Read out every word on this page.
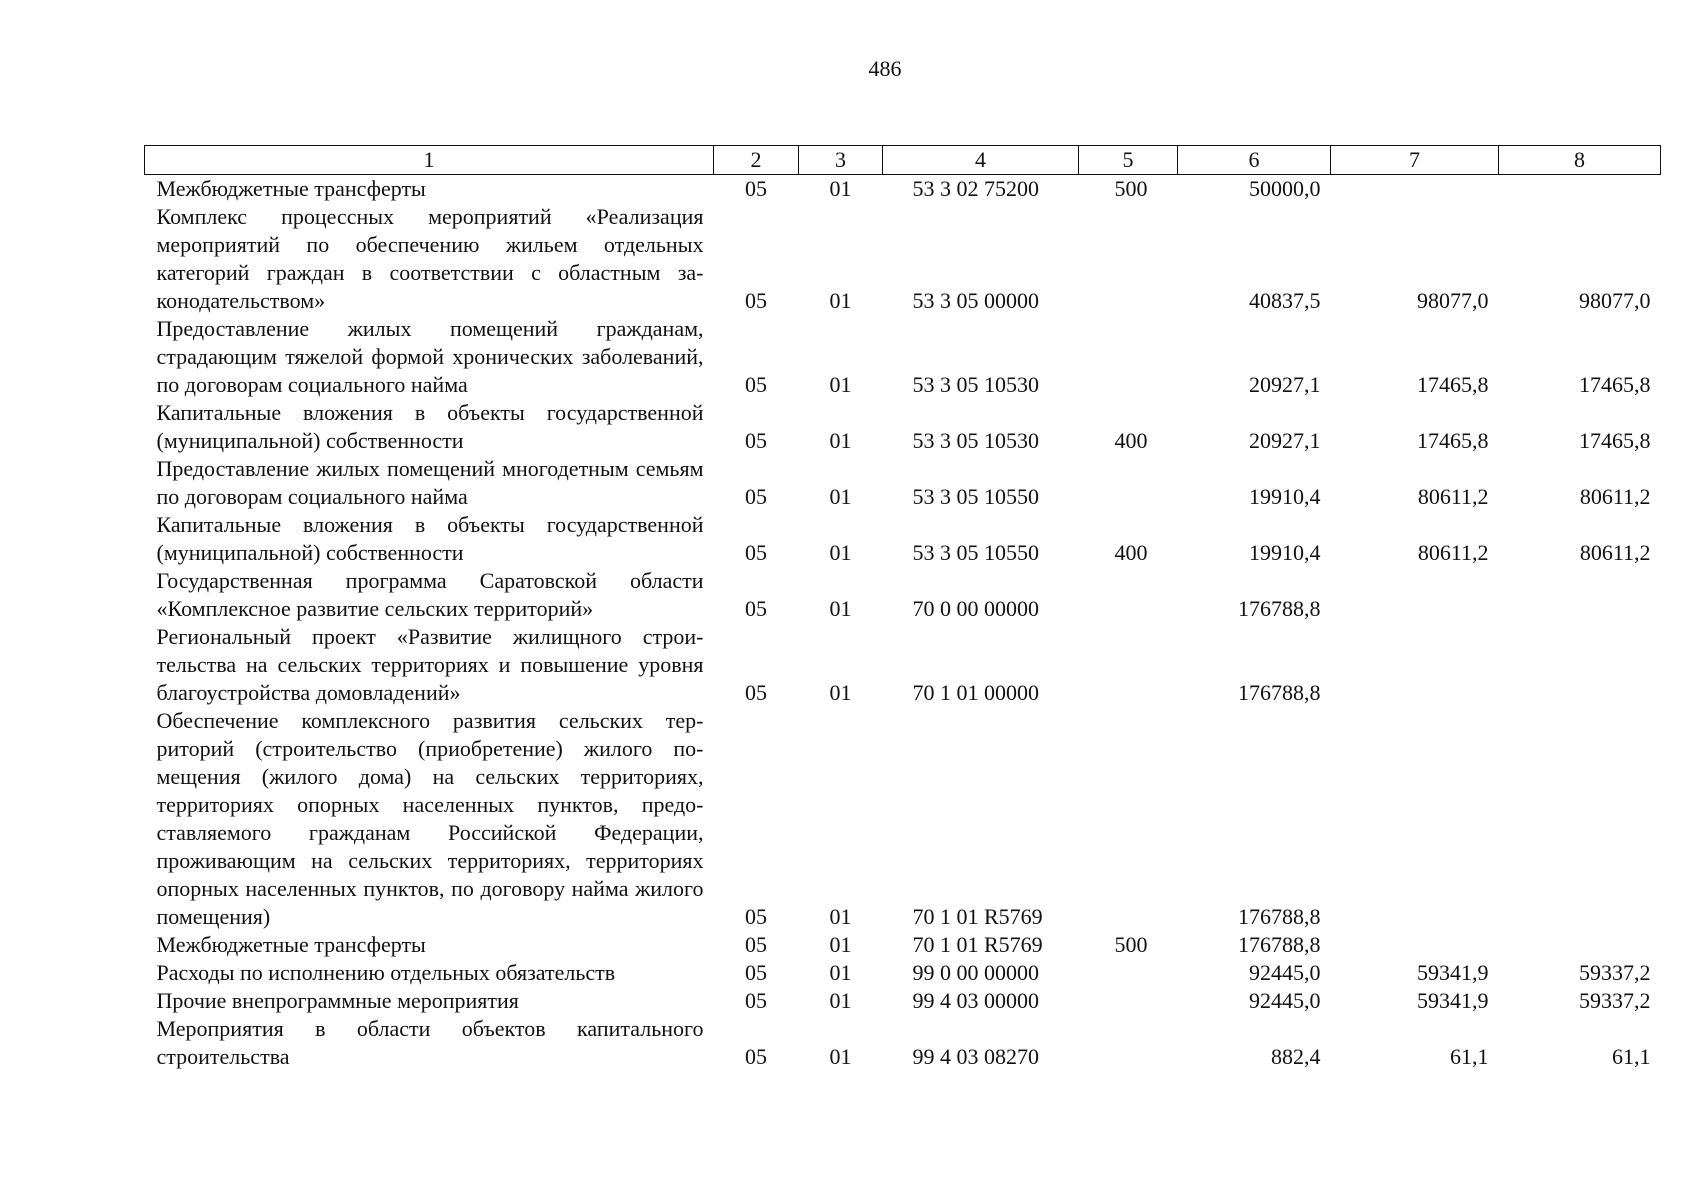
486
1	2	3	4	5	6	7	8
Межбюджетные трансферты	05	01	53 3 02 75200	500	50000,0		
Комплекс процессных мероприятий «Реализация мероприятий по обеспечению жильем отдельных категорий граждан в соответствии с областным законодательством»	05	01	53 3 05 00000		40837,5	98077,0	98077,0
Предоставление жилых помещений гражданам, страдающим тяжелой формой хронических заболеваний, по договорам социального найма	05	01	53 3 05 10530		20927,1	17465,8	17465,8
Капитальные вложения в объекты государственной (муниципальной) собственности	05	01	53 3 05 10530	400	20927,1	17465,8	17465,8
Предоставление жилых помещений многодетным семьям по договорам социального найма	05	01	53 3 05 10550		19910,4	80611,2	80611,2
Капитальные вложения в объекты государственной (муниципальной) собственности	05	01	53 3 05 10550	400	19910,4	80611,2	80611,2
Государственная программа Саратовской области «Комплексное развитие сельских территорий»	05	01	70 0 00 00000		176788,8		
Региональный проект «Развитие жилищного строительства на сельских территориях и повышение уровня благоустройства домовладений»	05	01	70 1 01 00000		176788,8		
Обеспечение комплексного развития сельских территорий (строительство (приобретение) жилого помещения (жилого дома) на сельских территориях, территориях опорных населенных пунктов, предоставляемого гражданам Российской Федерации, проживающим на сельских территориях, территориях опорных населенных пунктов, по договору найма жилого помещения)	05	01	70 1 01 R5769		176788,8		
Межбюджетные трансферты	05	01	70 1 01 R5769	500	176788,8		
Расходы по исполнению отдельных обязательств	05	01	99 0 00 00000		92445,0	59341,9	59337,2
Прочие внепрограммные мероприятия	05	01	99 4 03 00000		92445,0	59341,9	59337,2
Мероприятия в области объектов капитального строительства	05	01	99 4 03 08270		882,4	61,1	61,1
